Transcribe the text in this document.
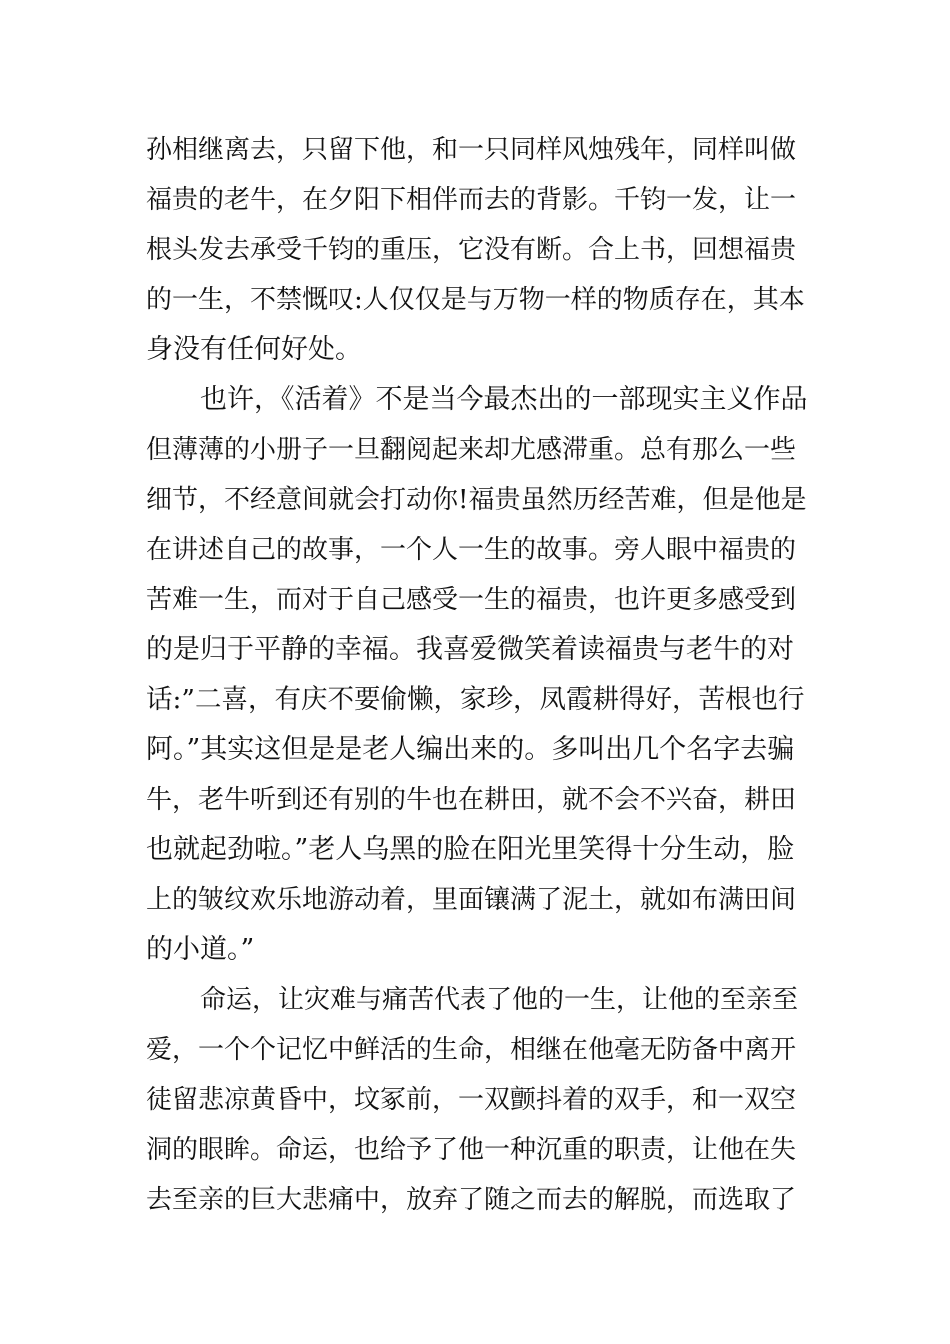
孙相继离去，只留下他，和一只同样风烛残年，同样叫做
福贵的老牛，在夕阳下相伴而去的背影。千钧一发，让一
根头发去承受千钧的重压，它没有断。合上书，回想福贵
的一生，不禁慨叹:人仅仅是与万物一样的物质存在，其本
身没有任何好处。
也许，《活着》不是当今最杰出的一部现实主义作品
但薄薄的小册子一旦翻阅起来却尤感滞重。总有那么一些
细节，不经意间就会打动你!福贵虽然历经苦难，但是他是
在讲述自己的故事，一个人一生的故事。旁人眼中福贵的
苦难一生，而对于自己感受一生的福贵，也许更多感受到
的是归于平静的幸福。我喜爱微笑着读福贵与老牛的对
话:”二喜，有庆不要偷懒，家珍，凤霞耕得好，苦根也行
阿。”其实这但是是老人编出来的。多叫出几个名字去骗
牛，老牛听到还有别的牛也在耕田，就不会不兴奋，耕田
也就起劲啦。”老人乌黑的脸在阳光里笑得十分生动，脸
上的皱纹欢乐地游动着，里面镶满了泥土，就如布满田间
的小道。”
命运，让灾难与痛苦代表了他的一生，让他的至亲至
爱，一个个记忆中鲜活的生命，相继在他毫无防备中离开
徒留悲凉黄昏中，坟冢前，一双颤抖着的双手，和一双空
洞的眼眸。命运，也给予了他一种沉重的职责，让他在失
去至亲的巨大悲痛中，放弃了随之而去的解脱，而选取了
